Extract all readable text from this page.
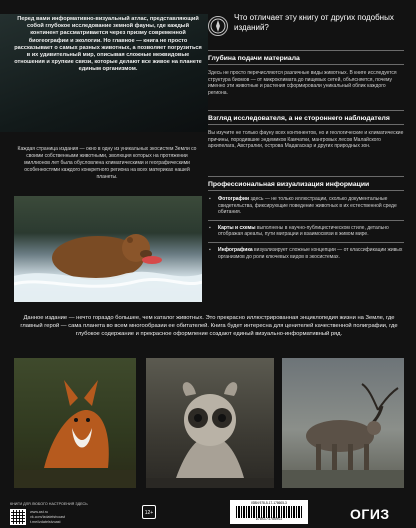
Перед вами информативно-визуальный атлас, представляющий собой глубокое исследование земной фауны, где каждый континент рассматривается через призму современной биогеографии и экологии. Но главное — книга не просто рассказывает о самых разных животных, а позволяет погрузиться в их удивительный мир, описывая сложные межвидовые отношения и хрупкие связи, которые делают все живое на планете единым организмом.
Каждая страница издания — окно в одну из уникальных экосистем Земли со своими собственными животными, эволюция которых на протяжении миллионов лет была обусловлена климатическими и географическими особенностями каждого конкретного региона на всех материках нашей планеты.
Что отличает эту книгу от других подобных изданий?
Глубина подачи материала
Здесь не просто перечисляются различные виды животных. В книге исследуется структура биомов — от микроклимата до пищевых сетей, объясняется, почему именно эти животные и растения сформировали уникальный облик каждого региона.
Взгляд исследователя, а не стороннего наблюдателя
Вы изучите не только фауну всех континентов, но и геологические и климатические причины, породившие эндемиков Камчатки, мангровых лесов Малайского архипелага, Австралии, острова Мадагаскар и других природных зон.
Профессиональная визуализация информации
▪ Фотографии здесь — не только иллюстрации, сколько документальные свидетельства, фиксирующие поведение животных в их естественной среде обитания.
▪ Карты и схемы выполнены в научно-публицистическом стиле, детально отображая ареалы, пути миграции и взаимосвязи в живом мире.
▪ Инфографика визуализирует сложные концепции — от классификации живых организмов до роли ключевых видов в экосистемах.
Данное издание — нечто гораздо большее, чем каталог животных. Это прекрасно иллюстрированная энциклопедия жизни на Земле, где главный герой — сама планета во всем многообразии ее обитателей. Книга будет интересна для ценителей качественной полиграфии, где глубокое содержание и прекрасное оформление создают единый визуально-информативный ряд.
КНИГИ ДЛЯ ЛЮБОГО НАСТРОЕНИЯ ЗДЕСЬ
www.ast.ru
vk.com/izdatelstvoast
t.me/izdatelstvoast
12+
ISBN 978-5-17-178605-3
9785171786053	ОГИЗ
